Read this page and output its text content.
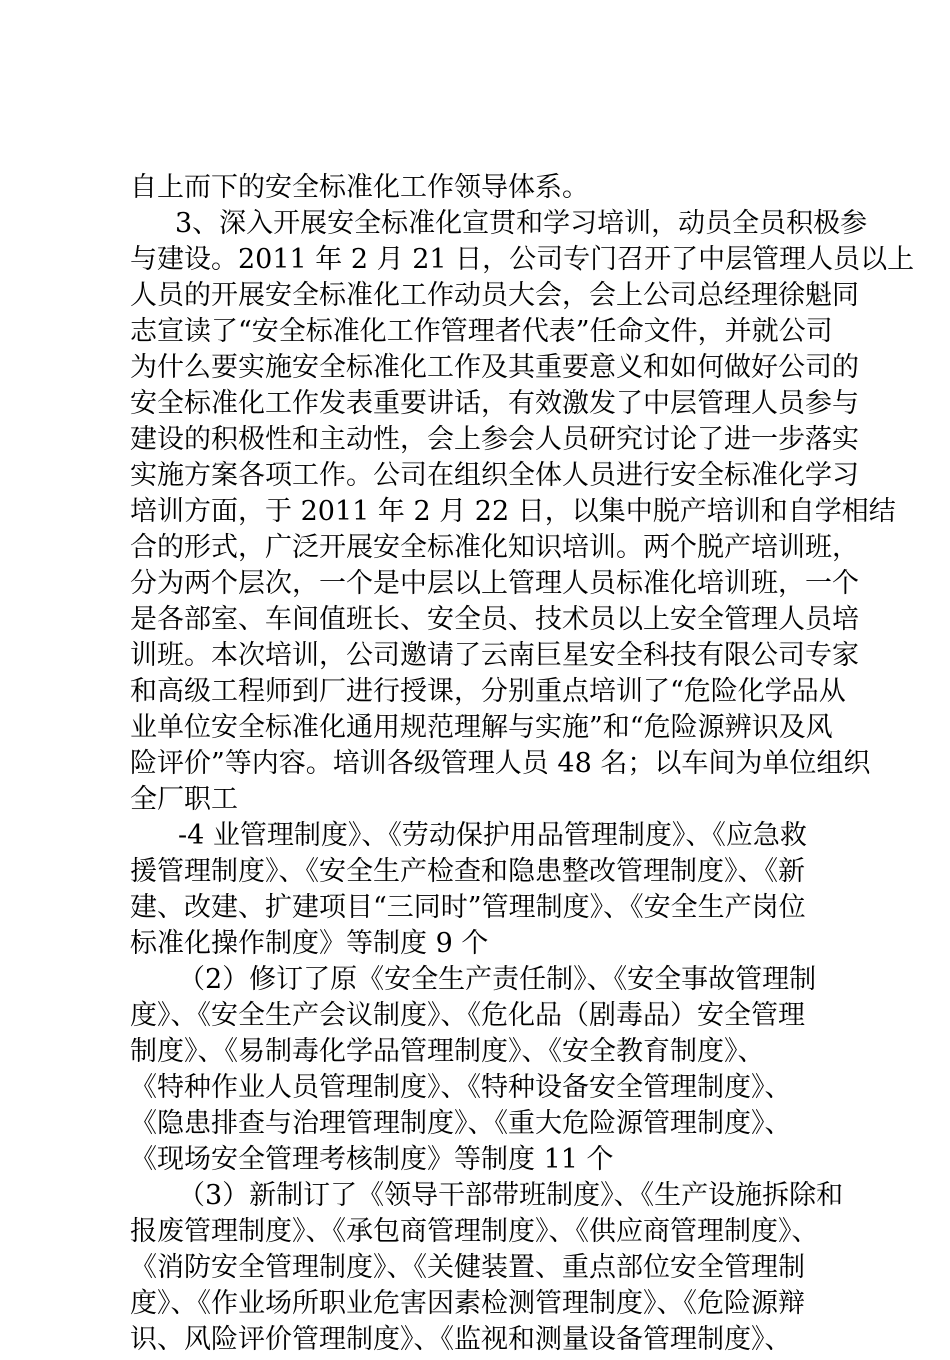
自上而下的安全标准化工作领导体系。
3、深入开展安全标准化宣贯和学习培训，动员全员积极参
与建设。2011 年 2 月 21 日，公司专门召开了中层管理人员以上
人员的开展安全标准化工作动员大会，会上公司总经理徐魁同
志宣读了“安全标准化工作管理者代表”任命文件，并就公司
为什么要实施安全标准化工作及其重要意义和如何做好公司的
安全标准化工作发表重要讲话，有效激发了中层管理人员参与
建设的积极性和主动性，会上参会人员研究讨论了进一步落实
实施方案各项工作。公司在组织全体人员进行安全标准化学习
培训方面，于 2011 年 2 月 22 日，以集中脱产培训和自学相结
合的形式，广泛开展安全标准化知识培训。两个脱产培训班，
分为两个层次，一个是中层以上管理人员标准化培训班，一个
是各部室、车间值班长、安全员、技术员以上安全管理人员培
训班。本次培训，公司邀请了云南巨星安全科技有限公司专家
和高级工程师到厂进行授课，分别重点培训了“危险化学品从
业单位安全标准化通用规范理解与实施”和“危险源辨识及风
险评价”等内容。培训各级管理人员 48 名；以车间为单位组织
全厂职工
-4 业管理制度》、《劳动保护用品管理制度》、《应急救
援管理制度》、《安全生产检查和隐患整改管理制度》、《新
建、改建、扩建项目“三同时”管理制度》、《安全生产岗位
标准化操作制度》等制度 9 个
（2）修订了原《安全生产责任制》、《安全事故管理制
度》、《安全生产会议制度》、《危化品（剧毒品）安全管理
制度》、《易制毒化学品管理制度》、《安全教育制度》、
《特种作业人员管理制度》、《特种设备安全管理制度》、
《隐患排查与治理管理制度》、《重大危险源管理制度》、
《现场安全管理考核制度》等制度 11 个
（3）新制订了《领导干部带班制度》、《生产设施拆除和
报废管理制度》、《承包商管理制度》、《供应商管理制度》、
《消防安全管理制度》、《关健装置、重点部位安全管理制
度》、《作业场所职业危害因素检测管理制度》、《危险源辩
识、风险评价管理制度》、《监视和测量设备管理制度》、
